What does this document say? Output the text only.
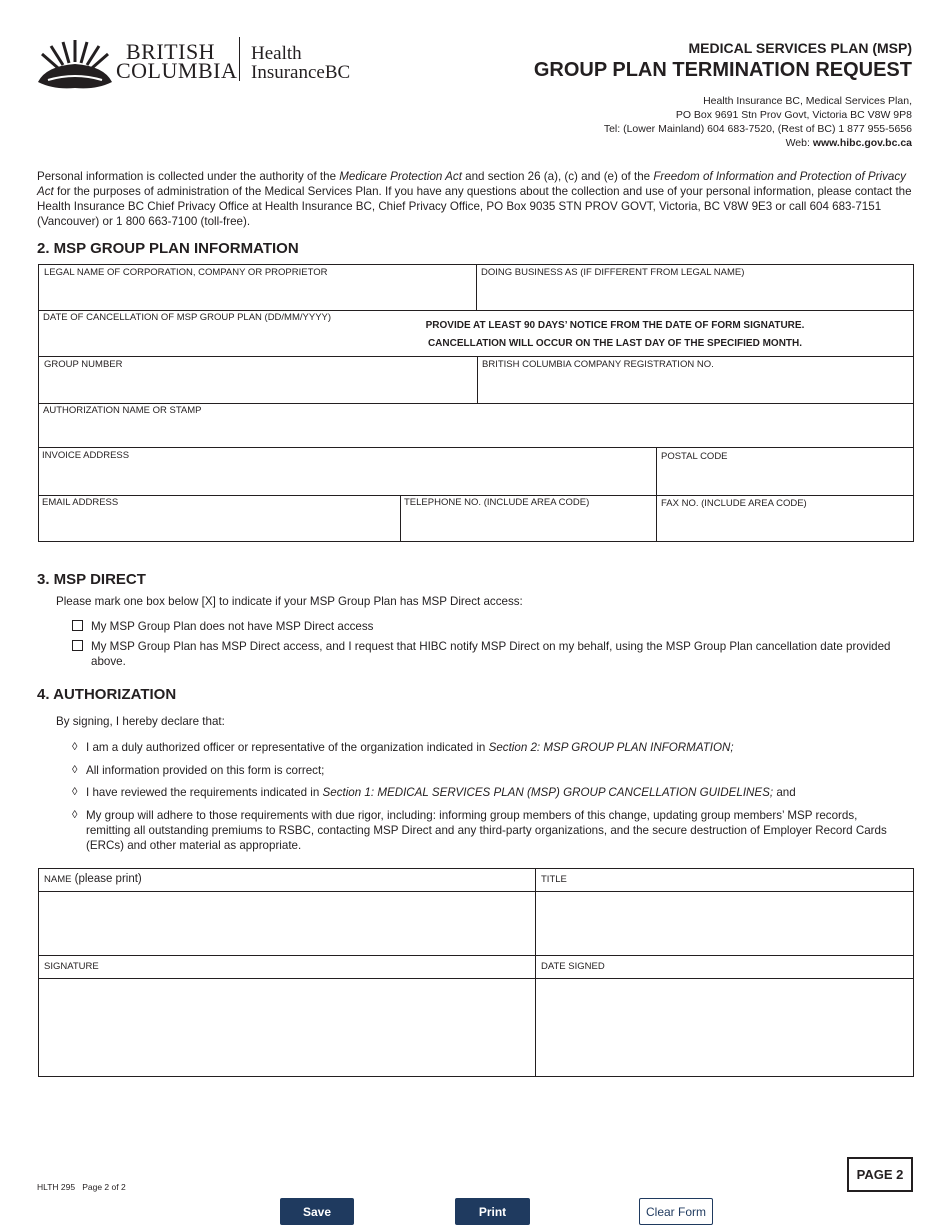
BRITISH
COLUMBIA
Health
InsuranceBC
MEDICAL SERVICES PLAN (MSP)
GROUP PLAN TERMINATION REQUEST
Health Insurance BC, Medical Services Plan,
PO Box 9691 Stn Prov Govt, Victoria BC V8W 9P8
Tel: (Lower Mainland) 604 683-7520, (Rest of BC) 1 877 955-5656
Web: www.hibc.gov.bc.ca
Personal information is collected under the authority of the Medicare Protection Act and section 26 (a), (c) and (e) of the Freedom of Information and Protection of Privacy Act for the purposes of administration of the Medical Services Plan. If you have any questions about the collection and use of your personal information, please contact the Health Insurance BC Chief Privacy Office at Health Insurance BC, Chief Privacy Office, PO Box 9035 STN PROV GOVT, Victoria, BC V8W 9E3 or call 604 683-7151 (Vancouver) or 1 800 663-7100 (toll-free).
2. MSP GROUP PLAN INFORMATION
LEGAL NAME OF CORPORATION, COMPANY OR PROPRIETOR	DOING BUSINESS AS (IF DIFFERENT FROM LEGAL NAME)
DATE OF CANCELLATION OF MSP GROUP PLAN (DD/MM/YYYY)
PROVIDE AT LEAST 90 DAYS’ NOTICE FROM THE DATE OF FORM SIGNATURE.
CANCELLATION WILL OCCUR ON THE LAST DAY OF THE SPECIFIED MONTH.
GROUP NUMBER	BRITISH COLUMBIA COMPANY REGISTRATION NO.
AUTHORIZATION NAME OR STAMP
INVOICE ADDRESS	POSTAL CODE
EMAIL ADDRESS	TELEPHONE NO. (INCLUDE AREA CODE)	FAX NO. (INCLUDE AREA CODE)
3. MSP DIRECT
Please mark one box below [X] to indicate if your MSP Group Plan has MSP Direct access:
My MSP Group Plan does not have MSP Direct access
My MSP Group Plan has MSP Direct access, and I request that HIBC notify MSP Direct on my behalf, using the MSP Group Plan cancellation date provided
above.
4. AUTHORIZATION
By signing, I hereby declare that:
◊ I am a duly authorized officer or representative of the organization indicated in Section 2: MSP GROUP PLAN INFORMATION;
◊ All information provided on this form is correct;
◊ I have reviewed the requirements indicated in Section 1: MEDICAL SERVICES PLAN (MSP) GROUP CANCELLATION GUIDELINES; and
◊ My group will adhere to those requirements with due rigor, including: informing group members of this change, updating group members’ MSP records,
remitting all outstanding premiums to RSBC, contacting MSP Direct and any third-party organizations, and the secure destruction of Employer Record Cards
(ERCs) and other material as appropriate.
NAME (please print)	TITLE
SIGNATURE	DATE SIGNED
PAGE 2
HLTH 295 Page 2 of 2
Save	Print	Clear Form
